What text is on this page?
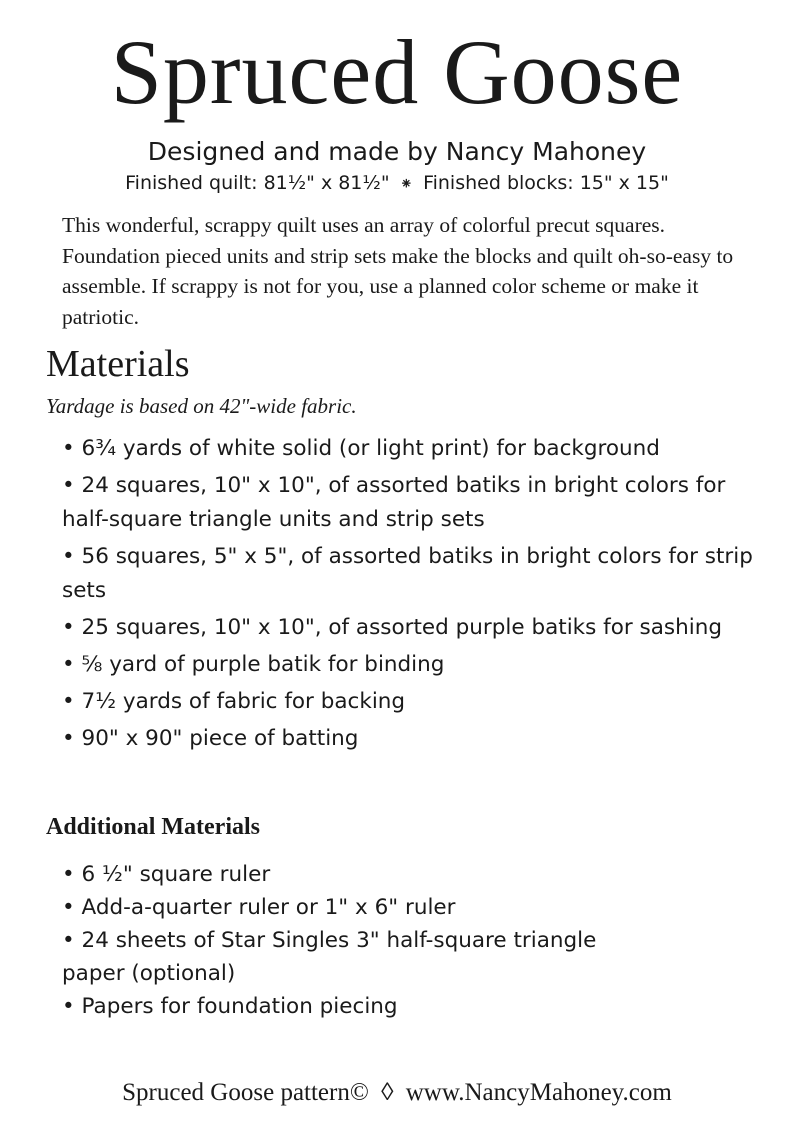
Spruced Goose
Designed and made by Nancy Mahoney
Finished quilt: 81½" x 81½" ⁕ Finished blocks: 15" x 15"

This wonderful, scrappy quilt uses an array of colorful precut squares. Foundation pieced units and strip sets make the blocks and quilt oh-so-easy to assemble. If scrappy is not for you, use a planned color scheme or make it patriotic.

Materials
Yardage is based on 42"-wide fabric.
• 6¾ yards of white solid (or light print) for background
• 24 squares, 10" x 10", of assorted batiks in bright colors for half-square triangle units and strip sets
• 56 squares, 5" x 5", of assorted batiks in bright colors for strip sets
• 25 squares, 10" x 10", of assorted purple batiks for sashing
• ⅝ yard of purple batik for binding
• 7½ yards of fabric for backing
• 90" x 90" piece of batting
Additional Materials
• 6 ½" square ruler
• Add-a-quarter ruler or 1" x 6" ruler
• 24 sheets of Star Singles 3" half-square triangle paper (optional)
• Papers for foundation piecing
Spruced Goose pattern© ◊ www.NancyMahoney.com
